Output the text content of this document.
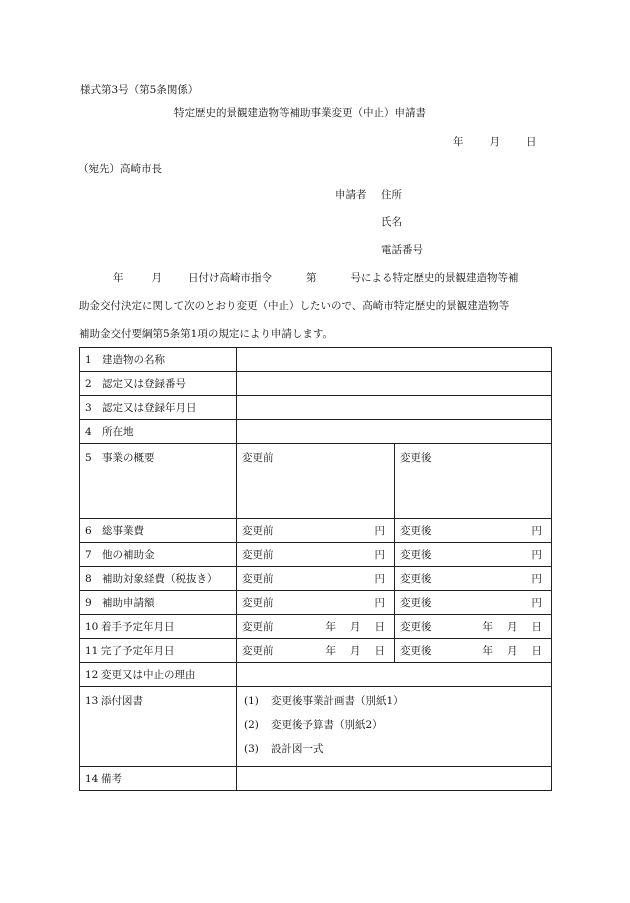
様式第3号（第5条関係）
特定歴史的景観建造物等補助事業変更（中止）申請書
年 月 日
（宛先）高崎市長
申請者 住所
氏名
電話番号
年	月 日付け高崎市指令	第	号による特定歴史的景観建造物等補
助金交付決定に関して次のとおり変更（中止）したいので、高崎市特定歴史的景観建造物等
補助金交付要綱第5条第1項の規定により申請します。
1 建造物の名称		
2 認定又は登録番号		
3 認定又は登録年月日		
4 所在地		
5 事業の概要	変更前	変更後
6 総事業費	変更前 円	変更後 円

7 他の補助金	変更前 円	変更後 円

8 補助対象経費（税抜き）	変更前 円	変更後 円

9 補助申請額	変更前 円	変更後 円

10 着手予定年月日	変更前 年 月 日	変更後 年 月 日

11 完了予定年月日	変更前 年 月 日	変更後 年 月 日

12 変更又は中止の理由		
13 添付図書	(1) 変更後事業計画書（別紙1）
(2) 変更後予算書（別紙2）
(3) 設計図一式	

14 備考		
